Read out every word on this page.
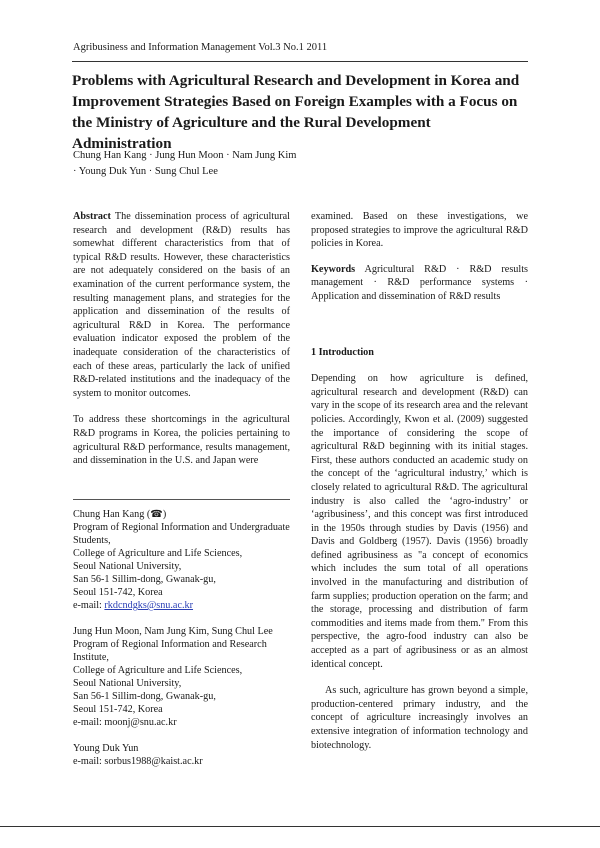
Agribusiness and Information Management Vol.3 No.1 2011
Problems with Agricultural Research and Development in Korea and Improvement Strategies Based on Foreign Examples with a Focus on the Ministry of Agriculture and the Rural Development Administration
Chung Han Kang · Jung Hun Moon · Nam Jung Kim
· Young Duk Yun · Sung Chul Lee

Abstract The dissemination process of agricultural research and development (R&D) results has somewhat different characteristics from that of typical R&D results. However, these characteristics are not adequately considered on the basis of an examination of the current performance system, the resulting management plans, and strategies for the application and dissemination of the results of agricultural R&D in Korea. The performance evaluation indicator exposed the problem of the inadequate consideration of the characteristics of each of these areas, particularly the lack of unified R&D-related institutions and the inadequacy of the system to monitor outcomes.

To address these shortcomings in the agricultural R&D programs in Korea, the policies pertaining to agricultural R&D performance, results management, and dissemination in the U.S. and Japan were

Chung Han Kang (☎)
Program of Regional Information and Undergraduate Students,
College of Agriculture and Life Sciences,
Seoul National University,
San 56-1 Sillim-dong, Gwanak-gu,
Seoul 151-742, Korea
e-mail: rkdcndgks@snu.ac.kr
Jung Hun Moon, Nam Jung Kim, Sung Chul Lee
Program of Regional Information and Research Institute,
College of Agriculture and Life Sciences,
Seoul National University,
San 56-1 Sillim-dong, Gwanak-gu,
Seoul 151-742, Korea
e-mail: moonj@snu.ac.kr
Young Duk Yun
e-mail: sorbus1988@kaist.ac.kr

examined. Based on these investigations, we proposed strategies to improve the agricultural R&D policies in Korea.

Keywords Agricultural R&D · R&D results management · R&D performance systems · Application and dissemination of R&D results

1 Introduction

Depending on how agriculture is defined, agricultural research and development (R&D) can vary in the scope of its research area and the relevant policies. Accordingly, Kwon et al. (2009) suggested the importance of considering the scope of agricultural R&D beginning with its initial stages. First, these authors conducted an academic study on the concept of the ‘agricultural industry,’ which is closely related to agricultural R&D. The agricultural industry is also called the ‘agro-industry’ or ‘agribusiness’, and this concept was first introduced in the 1950s through studies by Davis (1956) and Davis and Goldberg (1957). Davis (1956) broadly defined agribusiness as "a concept of economics which includes the sum total of all operations involved in the manufacturing and distribution of farm supplies; production operation on the farm; and the storage, processing and distribution of farm commodities and items made from them." From this perspective, the agro-food industry can also be accepted as a part of agribusiness or as an almost identical concept.

As such, agriculture has grown beyond a simple, production-centered primary industry, and the concept of agriculture increasingly involves an extensive integration of information technology and biotechnology.
